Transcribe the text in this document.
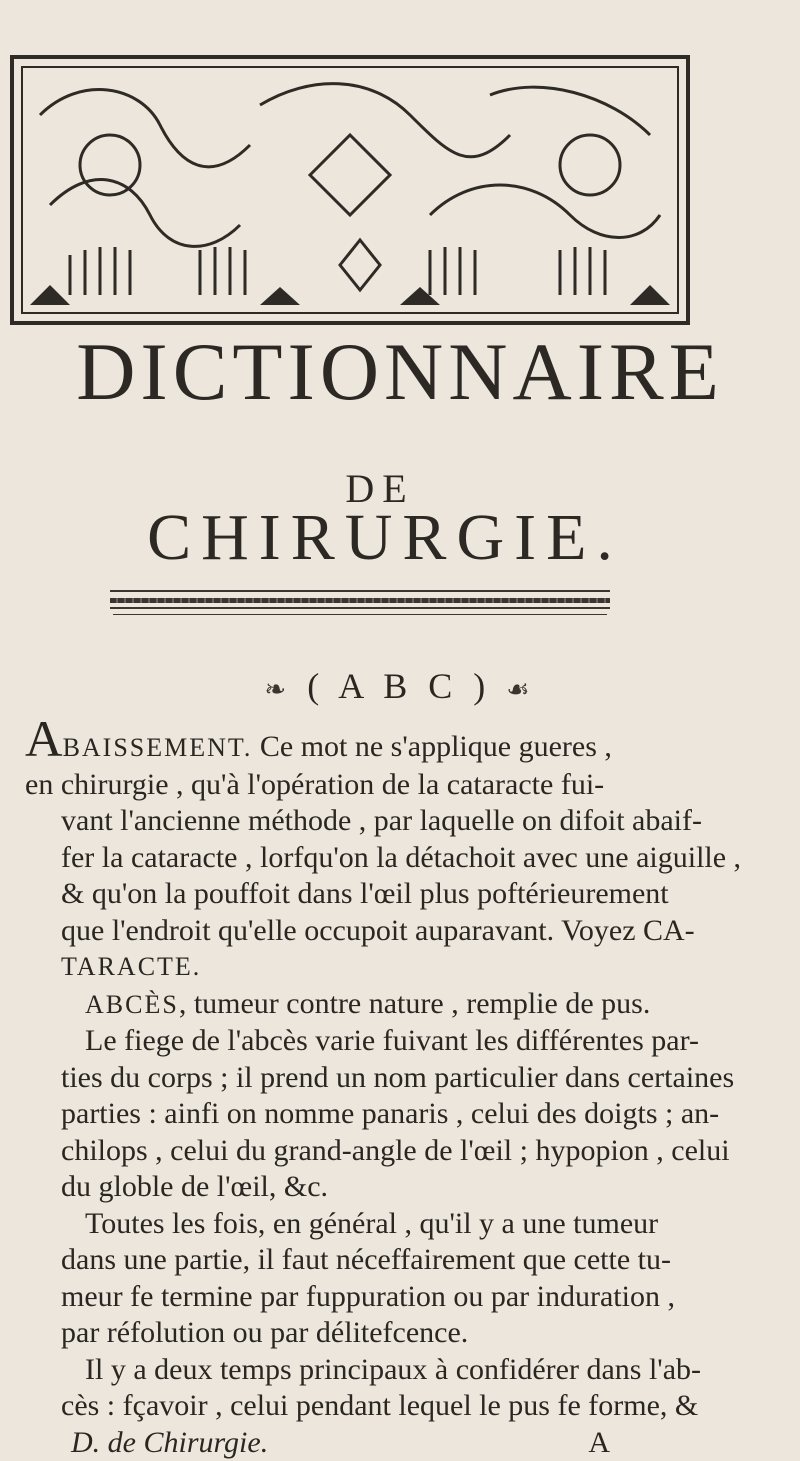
DICTIONNAIRE
DE
CHIRURGIE.
❧ ( A B C ) ☙

ABAISSEMENT. Ce mot ne s'applique gueres ,
en chirurgie , qu'à l'opération de la cataracte fui-
vant l'ancienne méthode , par laquelle on difoit abaif-
fer la cataracte , lorfqu'on la détachoit avec une aiguille ,
& qu'on la pouffoit dans l'œil plus poftérieurement
que l'endroit qu'elle occupoit auparavant. Voyez CA-
TARACTE.

ABCÈS, tumeur contre nature , remplie de pus.
Le fiege de l'abcès varie fuivant les différentes par-
ties du corps ; il prend un nom particulier dans certaines
parties : ainfi on nomme panaris , celui des doigts ; an-
chilops , celui du grand-angle de l'œil ; hypopion , celui
du globle de l'œil, &c.
Toutes les fois, en général , qu'il y a une tumeur
dans une partie, il faut néceffairement que cette tu-
meur fe termine par fuppuration ou par induration ,
par réfolution ou par délitefcence.
Il y a deux temps principaux à confidérer dans l'ab-
cès : fçavoir , celui pendant lequel le pus fe forme, &

D. de Chirurgie.	A
